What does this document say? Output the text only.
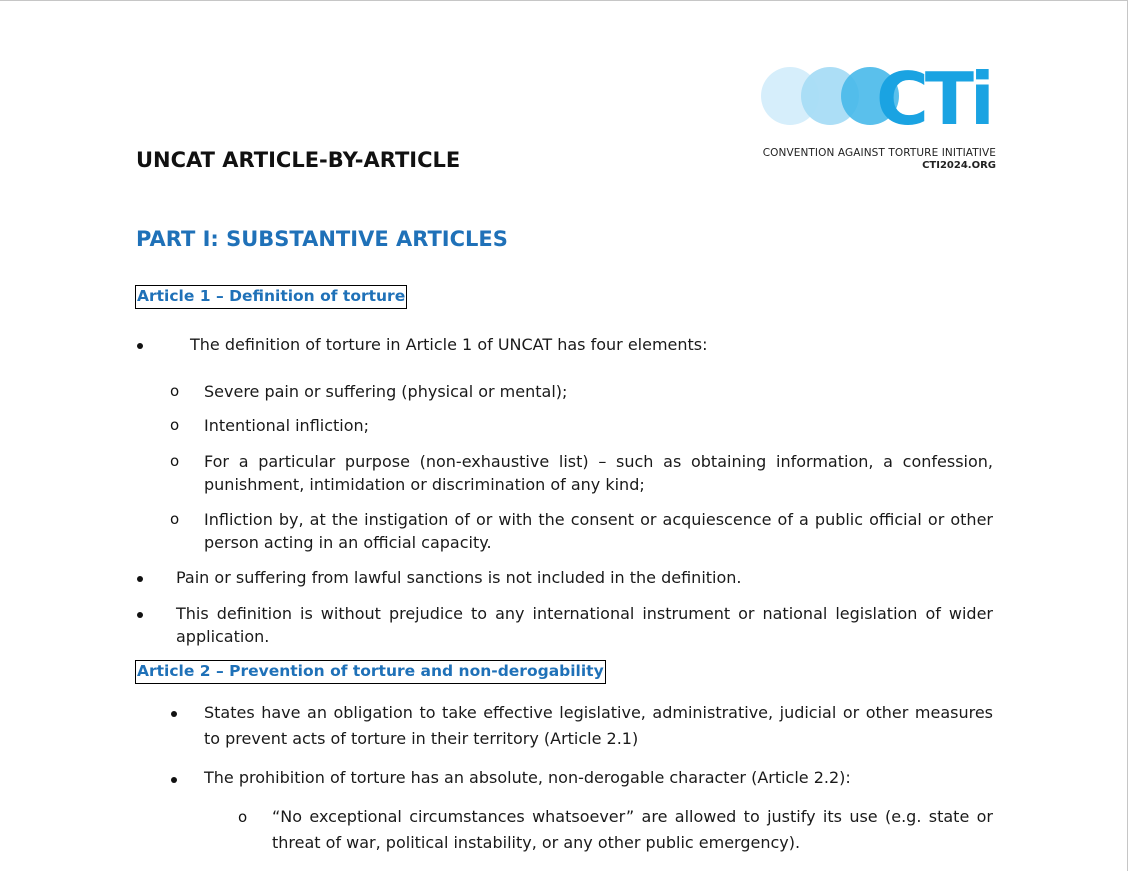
CTi
CONVENTION AGAINST TORTURE INITIATIVE
CTI2024.ORG
UNCAT ARTICLE-BY-ARTICLE
PART I: SUBSTANTIVE ARTICLES
Article 1 – Definition of torture
The definition of torture in Article 1 of UNCAT has four elements:
o Severe pain or suffering (physical or mental);
o Intentional infliction;
o For a particular purpose (non-exhaustive list) – such as obtaining information, a confession, punishment, intimidation or discrimination of any kind;
o Infliction by, at the instigation of or with the consent or acquiescence of a public official or other person acting in an official capacity.
Pain or suffering from lawful sanctions is not included in the definition.
This definition is without prejudice to any international instrument or national legislation of wider application.
Article 2 – Prevention of torture and non-derogability
States have an obligation to take effective legislative, administrative, judicial or other measures to prevent acts of torture in their territory (Article 2.1)
The prohibition of torture has an absolute, non-derogable character (Article 2.2):
o “No exceptional circumstances whatsoever” are allowed to justify its use (e.g. state or threat of war, political instability, or any other public emergency).
